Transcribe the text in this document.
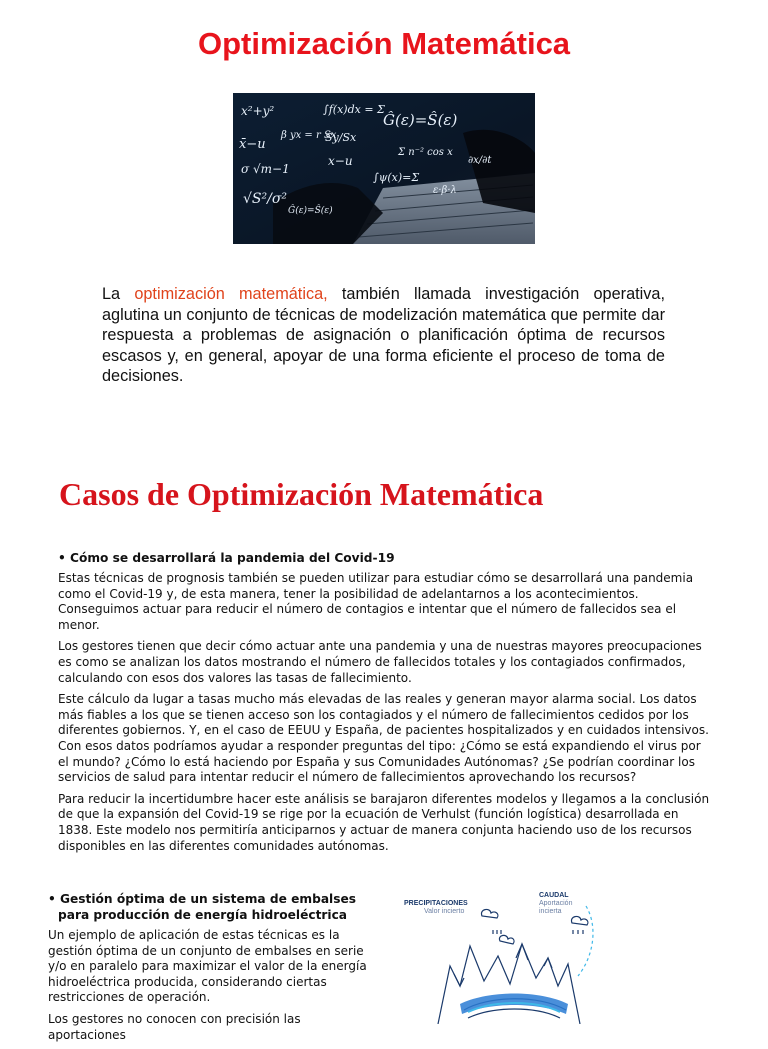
Optimización Matemática
x²+y²	∫f(x)dx = Σ
Ĝ(ε)=Ŝ(ε)
x̄−u
β yx = r Sx
Sy/Sx
σ √m−1
x−u
Σ n⁻² cos x
∂x/∂t
√S²/σ²
∫ψ(x)=Σ
ε·β·λ
Ĝ(ε)=Ŝ(ε)

La optimización matemática, también llamada investigación operativa, aglutina un conjunto de técnicas de modelización matemática que permite dar respuesta a problemas de asignación o planificación óptima de recursos escasos y, en general, apoyar de una forma eficiente el proceso de toma de decisiones.

Casos de Optimización Matemática

• Cómo se desarrollará la pandemia del Covid-19

Estas técnicas de prognosis también se pueden utilizar para estudiar cómo se desarrollará una pandemia como el Covid-19 y, de esta manera, tener la posibilidad de adelantarnos a los acontecimientos. Conseguimos actuar para reducir el número de contagios e intentar que el número de fallecidos sea el menor.

Los gestores tienen que decir cómo actuar ante una pandemia y una de nuestras mayores preocupaciones es como se analizan los datos mostrando el número de fallecidos totales y los contagiados confirmados, calculando con esos dos valores las tasas de fallecimiento.

Este cálculo da lugar a tasas mucho más elevadas de las reales y generan mayor alarma social. Los datos más fiables a los que se tienen acceso son los contagiados y el número de fallecimientos cedidos por los diferentes gobiernos. Y, en el caso de EEUU y España, de pacientes hospitalizados y en cuidados intensivos. Con esos datos podríamos ayudar a responder preguntas del tipo: ¿Cómo se está expandiendo el virus por el mundo? ¿Cómo lo está haciendo por España y sus Comunidades Autónomas? ¿Se podrían coordinar los servicios de salud para intentar reducir el número de fallecimientos aprovechando los recursos?

Para reducir la incertidumbre hacer este análisis se barajaron diferentes modelos y llegamos a la conclusión de que la expansión del Covid-19 se rige por la ecuación de Verhulst (función logística) desarrollada en 1838. Este modelo nos permitiría anticiparnos y actuar de manera conjunta haciendo uso de los recursos disponibles en las diferentes comunidades autónomas.

• Gestión óptima de un sistema de embalses para producción de energía hidroeléctrica

Un ejemplo de aplicación de estas técnicas es la gestión óptima de un conjunto de embalses en serie y/o en paralelo para maximizar el valor de la energía hidroeléctrica producida, considerando ciertas restricciones de operación.

Los gestores no conocen con precisión las aportaciones

PRECIPITACIONES
Valor incierto
CAUDAL
Aportación
incierta
